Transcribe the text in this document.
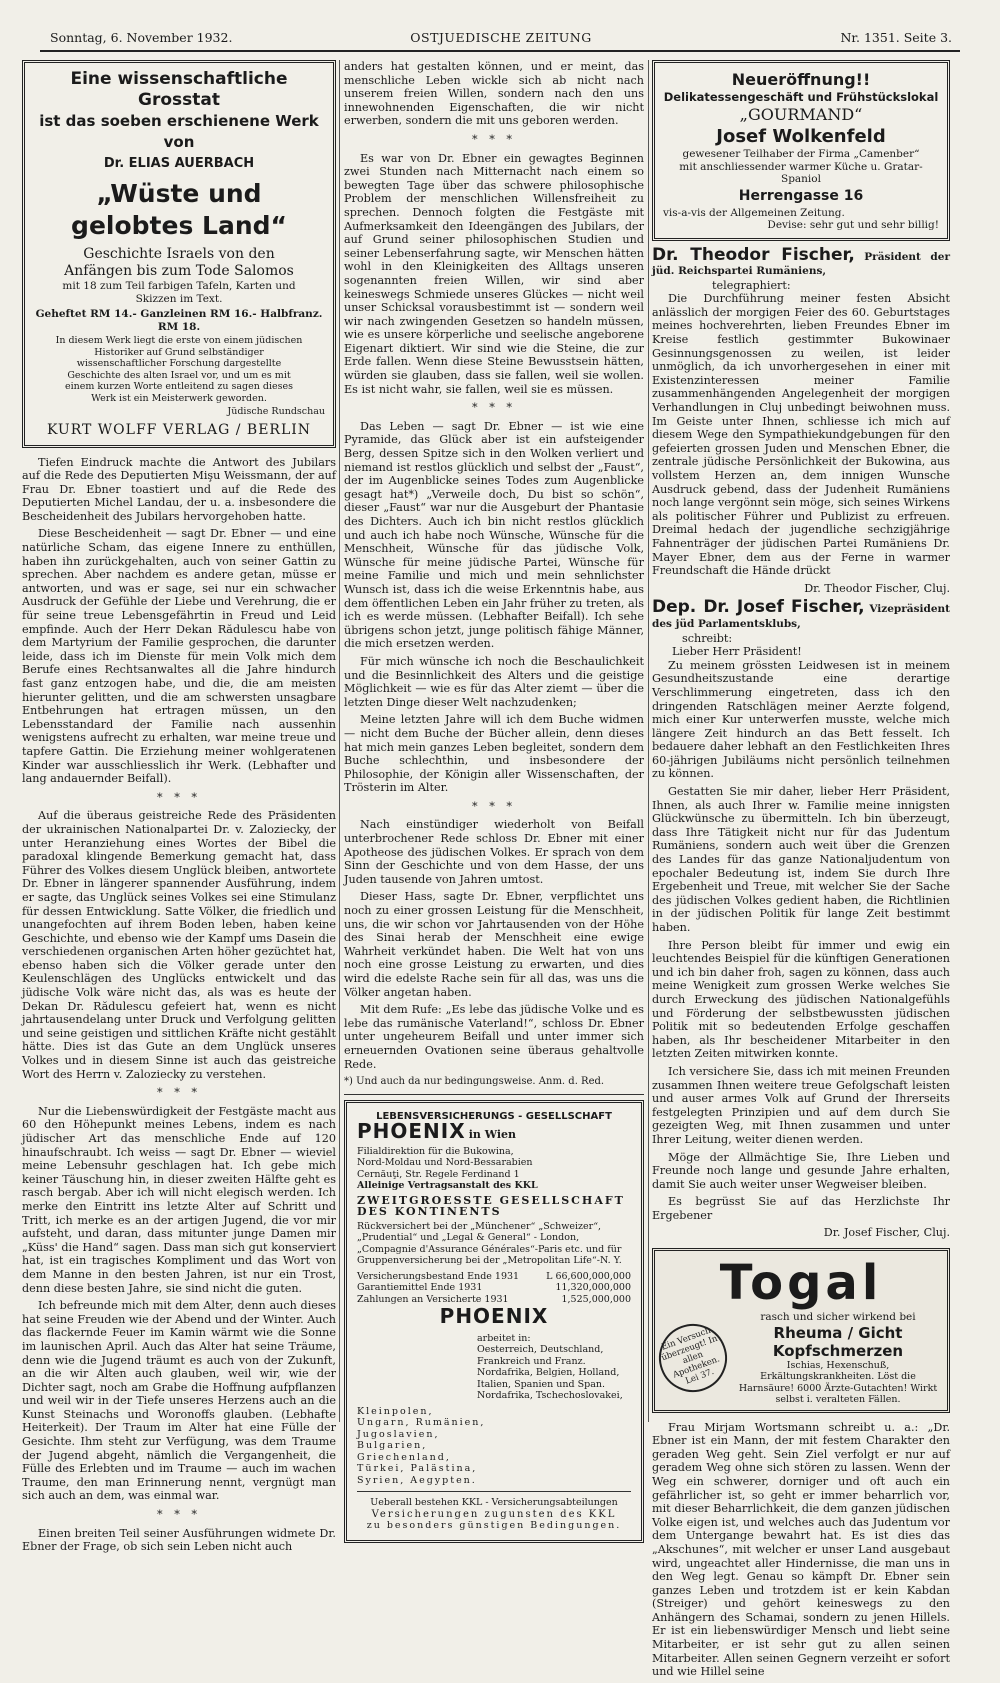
Sonntag, 6. November 1932.	OSTJUEDISCHE ZEITUNG	Nr. 1351. Seite 3.
Eine wissenschaftliche Grosstat
ist das soeben erschienene Werk von
Dr. ELIAS AUERBACH
„Wüste und gelobtes Land“
Geschichte Israels von den
Anfängen bis zum Tode Salomos
mit 18 zum Teil farbigen Tafeln, Karten und
Skizzen im Text.
Geheftet RM 14.- Ganzleinen RM 16.- Halbfranz. RM 18.
In diesem Werk liegt die erste von einem jüdischen Historiker auf Grund selbständiger wissenschaftlicher Forschung dargestellte Geschichte des alten Israel vor, und um es mit einem kurzen Worte entleitend zu sagen dieses Werk ist ein Meisterwerk geworden.
Jüdische Rundschau
KURT WOLFF VERLAG / BERLIN

Tiefen Eindruck machte die Antwort des Jubilars auf die Rede des Deputierten Mişu Weissmann, der auf Frau Dr. Ebner toastiert und auf die Rede des Deputierten Michel Landau, der u. a. insbesondere die Bescheidenheit des Jubilars hervorgehoben hatte.

Diese Bescheidenheit — sagt Dr. Ebner — und eine natürliche Scham, das eigene Innere zu enthüllen, haben ihn zurückgehalten, auch von seiner Gattin zu sprechen. Aber nachdem es andere getan, müsse er antworten, und was er sage, sei nur ein schwacher Ausdruck der Gefühle der Liebe und Verehrung, die er für seine treue Lebensgefährtin in Freud und Leid empfinde. Auch der Herr Dekan Rădulescu habe von dem Martyrium der Familie gesprochen, die darunter leide, dass ich im Dienste für mein Volk mich dem Berufe eines Rechtsanwaltes all die Jahre hindurch fast ganz entzogen habe, und die, die am meisten hierunter gelitten, und die am schwersten unsagbare Entbehrungen hat ertragen müssen, un den Lebensstandard der Familie nach aussenhin wenigstens aufrecht zu erhalten, war meine treue und tapfere Gattin. Die Erziehung meiner wohlgeratenen Kinder war ausschliesslich ihr Werk. (Lebhafter und lang andauernder Beifall).

* * *

Auf die überaus geistreiche Rede des Präsidenten der ukrainischen Nationalpartei Dr. v. Zaloziecky, der unter Heranziehung eines Wortes der Bibel die paradoxal klingende Bemerkung gemacht hat, dass Führer des Volkes diesem Unglück bleiben, antwortete Dr. Ebner in längerer spannender Ausführung, indem er sagte, das Unglück seines Volkes sei eine Stimulanz für dessen Entwicklung. Satte Völker, die friedlich und unangefochten auf ihrem Boden leben, haben keine Geschichte, und ebenso wie der Kampf ums Dasein die verschiedenen organischen Arten höher gezüchtet hat, ebenso haben sich die Völker gerade unter den Keulenschlägen des Unglücks entwickelt und das jüdische Volk wäre nicht das, als was es heute der Dekan Dr. Rădulescu gefeiert hat, wenn es nicht jahrtausendelang unter Druck und Verfolgung gelitten und seine geistigen und sittlichen Kräfte nicht gestählt hätte. Dies ist das Gute an dem Unglück unseres Volkes und in diesem Sinne ist auch das geistreiche Wort des Herrn v. Zaloziecky zu verstehen.

* * *

Nur die Liebenswürdigkeit der Festgäste macht aus 60 den Höhepunkt meines Lebens, indem es nach jüdischer Art das menschliche Ende auf 120 hinaufschraubt. Ich weiss — sagt Dr. Ebner — wieviel meine Lebensuhr geschlagen hat. Ich gebe mich keiner Täuschung hin, in dieser zweiten Hälfte geht es rasch bergab. Aber ich will nicht elegisch werden. Ich merke den Eintritt ins letzte Alter auf Schritt und Tritt, ich merke es an der artigen Jugend, die vor mir aufsteht, und daran, dass mitunter junge Damen mir „Küss' die Hand“ sagen. Dass man sich gut konserviert hat, ist ein tragisches Kompliment und das Wort von dem Manne in den besten Jahren, ist nur ein Trost, denn diese besten Jahre, sie sind nicht die guten.

Ich befreunde mich mit dem Alter, denn auch dieses hat seine Freuden wie der Abend und der Winter. Auch das flackernde Feuer im Kamin wärmt wie die Sonne im launischen April. Auch das Alter hat seine Träume, denn wie die Jugend träumt es auch von der Zukunft, an die wir Alten auch glauben, weil wir, wie der Dichter sagt, noch am Grabe die Hoffnung aufpflanzen und weil wir in der Tiefe unseres Herzens auch an die Kunst Steinachs und Woronoffs glauben. (Lebhafte Heiterkeit). Der Traum im Alter hat eine Fülle der Gesichte. Ihm steht zur Verfügung, was dem Traume der Jugend abgeht, nämlich die Vergangenheit, die Fülle des Erlebten und im Traume — auch im wachen Traume, den man Erinnerung nennt, vergnügt man sich auch an dem, was einmal war.

* * *

Einen breiten Teil seiner Ausführungen widmete Dr. Ebner der Frage, ob sich sein Leben nicht auch

anders hat gestalten können, und er meint, das menschliche Leben wickle sich ab nicht nach unserem freien Willen, sondern nach den uns innewohnenden Eigenschaften, die wir nicht erwerben, sondern die mit uns geboren werden.

* * *

Es war von Dr. Ebner ein gewagtes Beginnen zwei Stunden nach Mitternacht nach einem so bewegten Tage über das schwere philosophische Problem der menschlichen Willensfreiheit zu sprechen. Dennoch folgten die Festgäste mit Aufmerksamkeit den Ideengängen des Jubilars, der auf Grund seiner philosophischen Studien und seiner Lebenserfahrung sagte, wir Menschen hätten wohl in den Kleinigkeiten des Alltags unseren sogenannten freien Willen, wir sind aber keineswegs Schmiede unseres Glückes — nicht weil unser Schicksal vorausbestimmt ist — sondern weil wir nach zwingenden Gesetzen so handeln müssen, wie es unsere körperliche und seelische angeborene Eigenart diktiert. Wir sind wie die Steine, die zur Erde fallen. Wenn diese Steine Bewusstsein hätten, würden sie glauben, dass sie fallen, weil sie wollen. Es ist nicht wahr, sie fallen, weil sie es müssen.

* * *

Das Leben — sagt Dr. Ebner — ist wie eine Pyramide, das Glück aber ist ein aufsteigender Berg, dessen Spitze sich in den Wolken verliert und niemand ist restlos glücklich und selbst der „Faust“, der im Augenblicke seines Todes zum Augenblicke gesagt hat*) „Verweile doch, Du bist so schön“, dieser „Faust“ war nur die Ausgeburt der Phantasie des Dichters. Auch ich bin nicht restlos glücklich und auch ich habe noch Wünsche, Wünsche für die Menschheit, Wünsche für das jüdische Volk, Wünsche für meine jüdische Partei, Wünsche für meine Familie und mich und mein sehnlichster Wunsch ist, dass ich die weise Erkenntnis habe, aus dem öffentlichen Leben ein Jahr früher zu treten, als ich es werde müssen. (Lebhafter Beifall). Ich sehe übrigens schon jetzt, junge politisch fähige Männer, die mich ersetzen werden.

Für mich wünsche ich noch die Beschaulichkeit und die Besinnlichkeit des Alters und die geistige Möglichkeit — wie es für das Alter ziemt — über die letzten Dinge dieser Welt nachzudenken;

Meine letzten Jahre will ich dem Buche widmen — nicht dem Buche der Bücher allein, denn dieses hat mich mein ganzes Leben begleitet, sondern dem Buche schlechthin, und insbesondere der Philosophie, der Königin aller Wissenschaften, der Trösterin im Alter.

* * *

Nach einstündiger wiederholt von Beifall unterbrochener Rede schloss Dr. Ebner mit einer Apotheose des jüdischen Volkes. Er sprach von dem Sinn der Geschichte und von dem Hasse, der uns Juden tausende von Jahren umtost.

Dieser Hass, sagte Dr. Ebner, verpflichtet uns noch zu einer grossen Leistung für die Menschheit, uns, die wir schon vor Jahrtausenden von der Höhe des Sinai herab der Menschheit eine ewige Wahrheit verkündet haben. Die Welt hat von uns noch eine grosse Leistung zu erwarten, und dies wird die edelste Rache sein für all das, was uns die Völker angetan haben.

Mit dem Rufe: „Es lebe das jüdische Volke und es lebe das rumänische Vaterland!“, schloss Dr. Ebner unter ungeheurem Beifall und unter immer sich erneuernden Ovationen seine überaus gehaltvolle Rede.

*) Und auch da nur bedingungsweise. Anm. d. Red.

LEBENSVERSICHERUNGS - GESELLSCHAFT
PHOENIX in Wien
Filialdirektion für die Bukowina,
Nord-Moldau und Nord-Bessarabien
Cernăuţi, Str. Regele Ferdinand 1
Alleinige Vertragsanstalt des KKL
ZWEITGROESSTE GESELLSCHAFT DES KONTINENTS
Rückversichert bei der „Münchener“ „Schweizer“, „Prudential“ und „Legal & General“ - London, „Compagnie d'Assurance Générales“-Paris etc. und für Gruppenversicherung bei der „Metropolitan Life“-N. Y.
Versicherungsbestand Ende 1931	L 66,600,000,000
Garantiemittel Ende 1931	11,320,000,000
Zahlungen an Versicherte 1931	1,525,000,000
PHOENIX
arbeitet in:
Oesterreich, Deutschland, Frankreich und Franz. Nordafrika, Belgien, Holland, Italien, Spanien und Span. Nordafrika, Tschechoslovakei,
Kleinpolen, Ungarn, Rumänien, Jugoslavien, Bulgarien, Griechenland, Türkei, Palästina, Syrien, Aegypten.
Ueberall bestehen KKL - Versicherungsabteilungen
Versicherungen zugunsten des KKL
zu besonders günstigen Bedingungen.
Neueröffnung!!
Delikatessengeschäft und Frühstückslokal
„GOURMAND“
Josef Wolkenfeld
gewesener Teilhaber der Firma „Camenber“
mit anschliessender warmer Küche u. Gratar-Spaniol
Herrengasse 16
vis-a-vis der Allgemeinen Zeitung.
Devise: sehr gut und sehr billig!
Dr. Theodor Fischer, Präsident der jüd. Reichspartei Rumäniens,
telegraphiert:

Die Durchführung meiner festen Absicht anlässlich der morgigen Feier des 60. Geburtstages meines hochverehrten, lieben Freundes Ebner im Kreise festlich gestimmter Bukowinaer Gesinnungsgenossen zu weilen, ist leider unmöglich, da ich unvorhergesehen in einer mit Existenzinteressen meiner Familie zusammenhängenden Angelegenheit der morgigen Verhandlungen in Cluj unbedingt beiwohnen muss. Im Geiste unter Ihnen, schliesse ich mich auf diesem Wege den Sympathiekundgebungen für den gefeierten grossen Juden und Menschen Ebner, die zentrale jüdische Persönlichkeit der Bukowina, aus vollstem Herzen an, dem innigen Wunsche Ausdruck gebend, dass der Judenheit Rumäniens noch lange vergönnt sein möge, sich seines Wirkens als politischer Führer und Publizist zu erfreuen. Dreimal hedach der jugendliche sechzigjährige Fahnenträger der jüdischen Partei Rumäniens Dr. Mayer Ebner, dem aus der Ferne in warmer Freundschaft die Hände drückt

Dr. Theodor Fischer, Cluj.
Dep. Dr. Josef Fischer, Vizepräsident des jüd Parlamentsklubs,
schreibt:
Lieber Herr Präsident!

Zu meinem grössten Leidwesen ist in meinem Gesundheitszustande eine derartige Verschlimmerung eingetreten, dass ich den dringenden Ratschlägen meiner Aerzte folgend, mich einer Kur unterwerfen musste, welche mich längere Zeit hindurch an das Bett fesselt. Ich bedauere daher lebhaft an den Festlichkeiten Ihres 60-jährigen Jubiläums nicht persönlich teilnehmen zu können.

Gestatten Sie mir daher, lieber Herr Präsident, Ihnen, als auch Ihrer w. Familie meine innigsten Glückwünsche zu übermitteln. Ich bin überzeugt, dass Ihre Tätigkeit nicht nur für das Judentum Rumäniens, sondern auch weit über die Grenzen des Landes für das ganze Nationaljudentum von epochaler Bedeutung ist, indem Sie durch Ihre Ergebenheit und Treue, mit welcher Sie der Sache des jüdischen Volkes gedient haben, die Richtlinien in der jüdischen Politik für lange Zeit bestimmt haben.

Ihre Person bleibt für immer und ewig ein leuchtendes Beispiel für die künftigen Generationen und ich bin daher froh, sagen zu können, dass auch meine Wenigkeit zum grossen Werke welches Sie durch Erweckung des jüdischen Nationalgefühls und Förderung der selbstbewussten jüdischen Politik mit so bedeutenden Erfolge geschaffen haben, als Ihr bescheidener Mitarbeiter in den letzten Zeiten mitwirken konnte.

Ich versichere Sie, dass ich mit meinen Freunden zusammen Ihnen weitere treue Gefolgschaft leisten und auser armes Volk auf Grund der Ihrerseits festgelegten Prinzipien und auf dem durch Sie gezeigten Weg, mit Ihnen zusammen und unter Ihrer Leitung, weiter dienen werden.

Möge der Allmächtige Sie, Ihre Lieben und Freunde noch lange und gesunde Jahre erhalten, damit Sie auch weiter unser Wegweiser bleiben.

Es begrüsst Sie auf das Herzlichste Ihr Ergebener

Dr. Josef Fischer, Cluj.
Togal
Ein Versuch überzeugt! In allen Apotheken. Lei 37.
rasch und sicher wirkend bei
Rheuma / Gicht
Kopfschmerzen
Ischias, Hexenschuß, Erkältungskrankheiten. Löst die Harnsäure! 6000 Ärzte-Gutachten! Wirkt selbst i. veralteten Fällen.

Frau Mirjam Wortsmann schreibt u. a.: „Dr. Ebner ist ein Mann, der mit festem Charakter den geraden Weg geht. Sein Ziel verfolgt er nur auf geradem Weg ohne sich stören zu lassen. Wenn der Weg ein schwerer, dorniger und oft auch ein gefährlicher ist, so geht er immer beharrlich vor, mit dieser Beharrlichkeit, die dem ganzen jüdischen Volke eigen ist, und welches auch das Judentum vor dem Untergange bewahrt hat. Es ist dies das „Akschunes“, mit welcher er unser Land ausgebaut wird, ungeachtet aller Hindernisse, die man uns in den Weg legt. Genau so kämpft Dr. Ebner sein ganzes Leben und trotzdem ist er kein Kabdan (Streiger) und gehört keineswegs zu den Anhängern des Schamai, sondern zu jenen Hillels. Er ist ein liebenswürdiger Mensch und liebt seine Mitarbeiter, er ist sehr gut zu allen seinen Mitarbeiter. Allen seinen Gegnern verzeiht er sofort und wie Hillel seine
